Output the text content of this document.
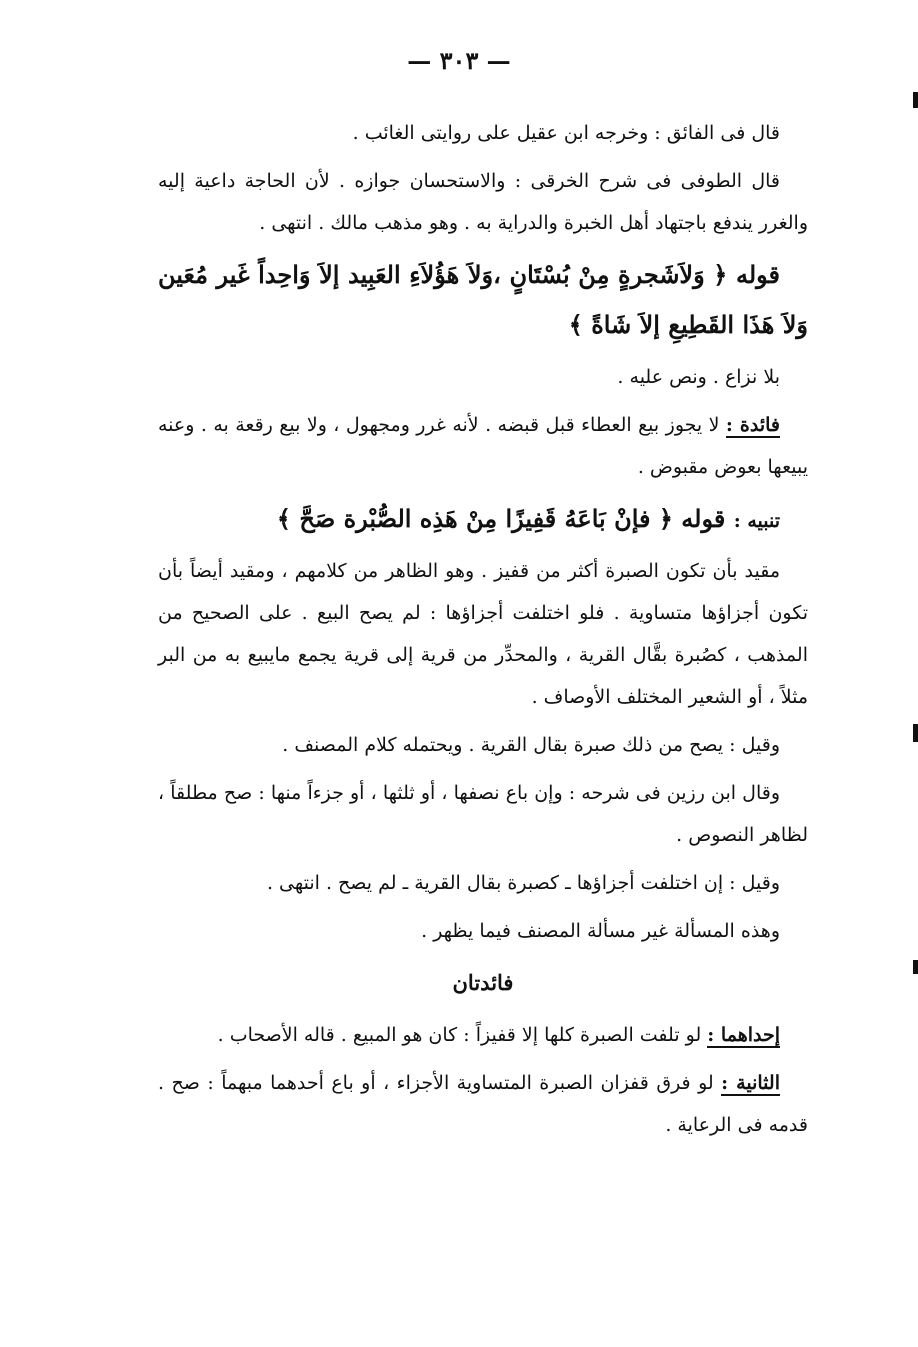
— ٣٠٣ —

قال فى الفائق : وخرجه ابن عقيل على روايتى الغائب .

قال الطوفى فى شرح الخرقى : والاستحسان جوازه . لأن الحاجة داعية إليه والغرر يندفع باجتهاد أهل الخبرة والدراية به . وهو مذهب مالك . انتهى .

قوله ﴿ وَلاَشَجرةٍ مِنْ بُسْتَانٍ ،وَلاَ هَؤُلاَءِ العَبِيد إلاَ وَاحِداً غَير مُعَين وَلاَ هَذَا القَطِيعِ إلاَ شَاةً ﴾

بلا نزاع . ونص عليه .

فائدة : لا يجوز بيع العطاء قبل قبضه . لأنه غرر ومجهول ، ولا بيع رقعة به . وعنه يبيعها بعوض مقبوض .

تنبيه : قوله ﴿ فإنْ بَاعَهُ قَفِيزًا مِنْ هَذِه الصُّبْرة صَحَّ ﴾

مقيد بأن تكون الصبرة أكثر من قفيز . وهو الظاهر من كلامهم ، ومقيد أيضاً بأن تكون أجزاؤها متساوية . فلو اختلفت أجزاؤها : لم يصح البيع . على الصحيح من المذهب ، كصُبرة بقَّال القرية ، والمحدِّر من قرية إلى قرية يجمع مايبيع به من البر مثلاً ، أو الشعير المختلف الأوصاف .

وقيل : يصح من ذلك صبرة بقال القرية . ويحتمله كلام المصنف .

وقال ابن رزين فى شرحه : وإن باع نصفها ، أو ثلثها ، أو جزءاً منها : صح مطلقاً ، لظاهر النصوص .

وقيل : إن اختلفت أجزاؤها ـ كصبرة بقال القرية ـ لم يصح . انتهى .

وهذه المسألة غير مسألة المصنف فيما يظهر .

فائدتان

إحداهما : لو تلفت الصبرة كلها إلا قفيزاً : كان هو المبيع . قاله الأصحاب .

الثانية : لو فرق قفزان الصبرة المتساوية الأجزاء ، أو باع أحدهما مبهماً : صح . قدمه فى الرعاية .
